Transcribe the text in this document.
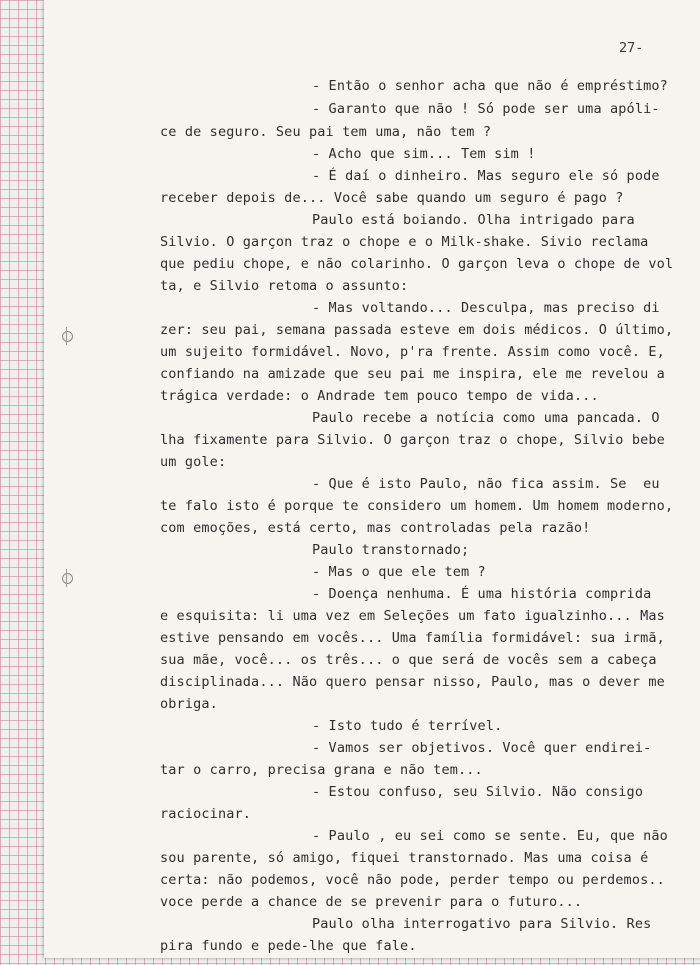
27-
- Então o senhor acha que não é empréstimo?
- Garanto que não ! Só pode ser uma apóli-
ce de seguro. Seu pai tem uma, não tem ?
- Acho que sim... Tem sim !
- É daí o dinheiro. Mas seguro ele só pode
receber depois de... Você sabe quando um seguro é pago ?
Paulo está boiando. Olha intrigado para
Silvio. O garçon traz o chope e o Milk-shake. Sivio reclama
que pediu chope, e não colarinho. O garçon leva o chope de vol
ta, e Silvio retoma o assunto:
- Mas voltando... Desculpa, mas preciso di
zer: seu pai, semana passada esteve em dois médicos. O último,
um sujeito formidável. Novo, p'ra frente. Assim como você. E,
confiando na amizade que seu pai me inspira, ele me revelou a
trágica verdade: o Andrade tem pouco tempo de vida...
Paulo recebe a notícia como uma pancada. O
lha fixamente para Silvio. O garçon traz o chope, Silvio bebe
um gole:
- Que é isto Paulo, não fica assim. Se  eu
te falo isto é porque te considero um homem. Um homem moderno,
com emoções, está certo, mas controladas pela razão!
Paulo transtornado;
- Mas o que ele tem ?
- Doença nenhuma. É uma história comprida
e esquisita: li uma vez em Seleções um fato igualzinho... Mas
estive pensando em vocês... Uma família formidável: sua irmã,
sua mãe, você... os três... o que será de vocês sem a cabeça
disciplinada... Não quero pensar nisso, Paulo, mas o dever me
obriga.
- Isto tudo é terrível.
- Vamos ser objetivos. Você quer endirei-
tar o carro, precisa grana e não tem...
- Estou confuso, seu Silvio. Não consigo
raciocinar.
- Paulo , eu sei como se sente. Eu, que não
sou parente, só amigo, fiquei transtornado. Mas uma coisa é
certa: não podemos, você não pode, perder tempo ou perdemos..
voce perde a chance de se prevenir para o futuro...
Paulo olha interrogativo para Silvio. Res
pira fundo e pede-lhe que fale.
